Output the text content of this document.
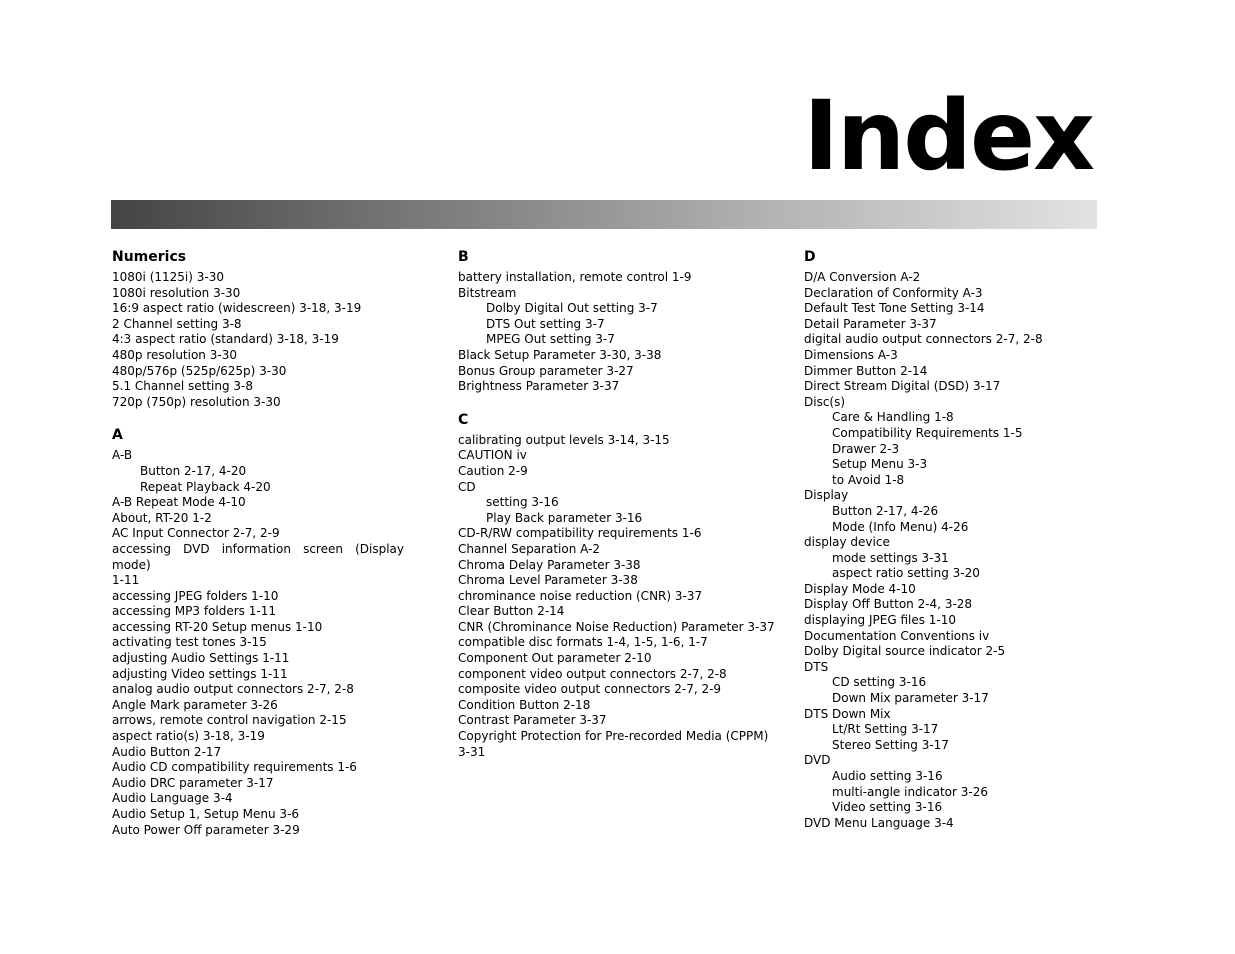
Index
Numerics
1080i (1125i) 3-30
1080i resolution 3-30
16:9 aspect ratio (widescreen) 3-18, 3-19
2 Channel setting 3-8
4:3 aspect ratio (standard) 3-18, 3-19
480p resolution 3-30
480p/576p (525p/625p) 3-30
5.1 Channel setting 3-8
720p (750p) resolution 3-30
A
A-B
Button 2-17, 4-20
Repeat Playback 4-20
A-B Repeat Mode 4-10
About, RT-20 1-2
AC Input Connector 2-7, 2-9
accessing DVD information screen (Display mode)
1-11
accessing JPEG folders 1-10
accessing MP3 folders 1-11
accessing RT-20 Setup menus 1-10
activating test tones 3-15
adjusting Audio Settings 1-11
adjusting Video settings 1-11
analog audio output connectors 2-7, 2-8
Angle Mark parameter 3-26
arrows, remote control navigation 2-15
aspect ratio(s) 3-18, 3-19
Audio Button 2-17
Audio CD compatibility requirements 1-6
Audio DRC parameter 3-17
Audio Language 3-4
Audio Setup 1, Setup Menu 3-6
Auto Power Off parameter 3-29
B
battery installation, remote control 1-9
Bitstream
Dolby Digital Out setting 3-7
DTS Out setting 3-7
MPEG Out setting 3-7
Black Setup Parameter 3-30, 3-38
Bonus Group parameter 3-27
Brightness Parameter 3-37
C
calibrating output levels 3-14, 3-15
CAUTION iv
Caution 2-9
CD
setting 3-16
Play Back parameter 3-16
CD-R/RW compatibility requirements 1-6
Channel Separation A-2
Chroma Delay Parameter 3-38
Chroma Level Parameter 3-38
chrominance noise reduction (CNR) 3-37
Clear Button 2-14
CNR (Chrominance Noise Reduction) Parameter 3-37
compatible disc formats 1-4, 1-5, 1-6, 1-7
Component Out parameter 2-10
component video output connectors 2-7, 2-8
composite video output connectors 2-7, 2-9
Condition Button 2-18
Contrast Parameter 3-37
Copyright Protection for Pre-recorded Media (CPPM)
3-31
D
D/A Conversion A-2
Declaration of Conformity A-3
Default Test Tone Setting 3-14
Detail Parameter 3-37
digital audio output connectors 2-7, 2-8
Dimensions A-3
Dimmer Button 2-14
Direct Stream Digital (DSD) 3-17
Disc(s)
Care & Handling 1-8
Compatibility Requirements 1-5
Drawer 2-3
Setup Menu 3-3
to Avoid 1-8
Display
Button 2-17, 4-26
Mode (Info Menu) 4-26
display device
mode settings 3-31
aspect ratio setting 3-20
Display Mode 4-10
Display Off Button 2-4, 3-28
displaying JPEG files 1-10
Documentation Conventions iv
Dolby Digital source indicator 2-5
DTS
CD setting 3-16
Down Mix parameter 3-17
DTS Down Mix
Lt/Rt Setting 3-17
Stereo Setting 3-17
DVD
Audio setting 3-16
multi-angle indicator 3-26
Video setting 3-16
DVD Menu Language 3-4
